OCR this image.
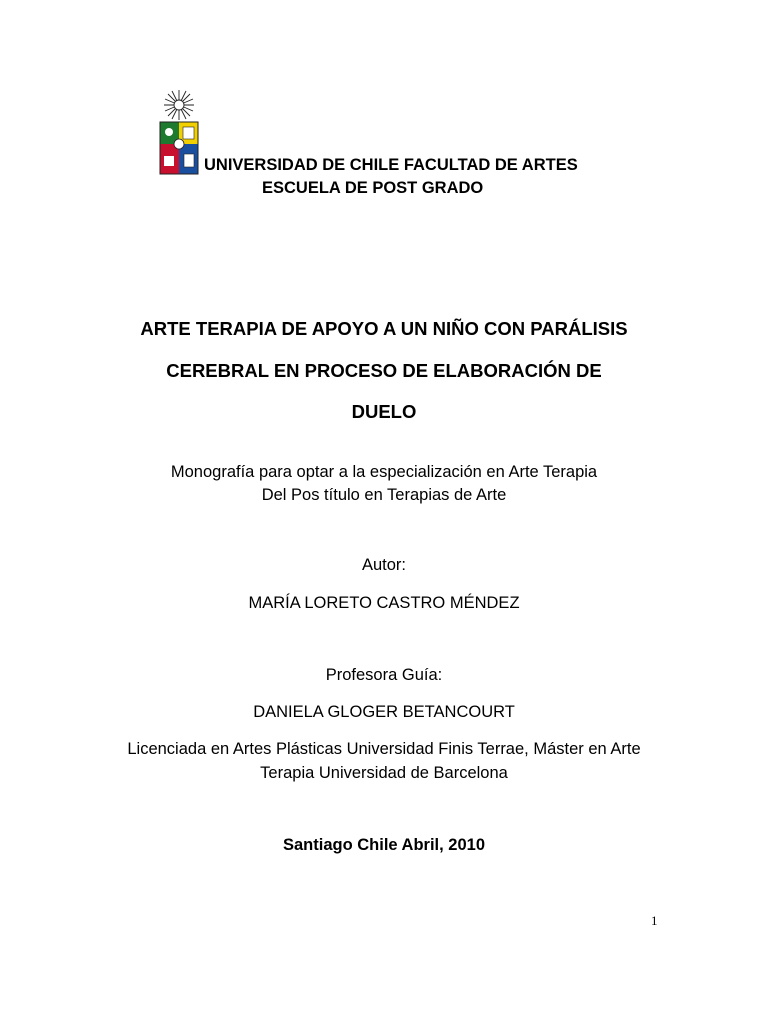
UNIVERSIDAD DE CHILE FACULTAD DE ARTES
ESCUELA DE POST GRADO
ARTE TERAPIA DE APOYO A UN NIÑO CON PARÁLISIS
CEREBRAL EN PROCESO DE ELABORACIÓN DE
DUELO
Monografía para optar a la especialización en Arte Terapia
Del Pos título en Terapias de Arte
Autor:
MARÍA LORETO CASTRO MÉNDEZ
Profesora Guía:
DANIELA GLOGER BETANCOURT
Licenciada en Artes Plásticas Universidad Finis Terrae, Máster en Arte
Terapia Universidad de Barcelona
Santiago Chile Abril, 2010
1
